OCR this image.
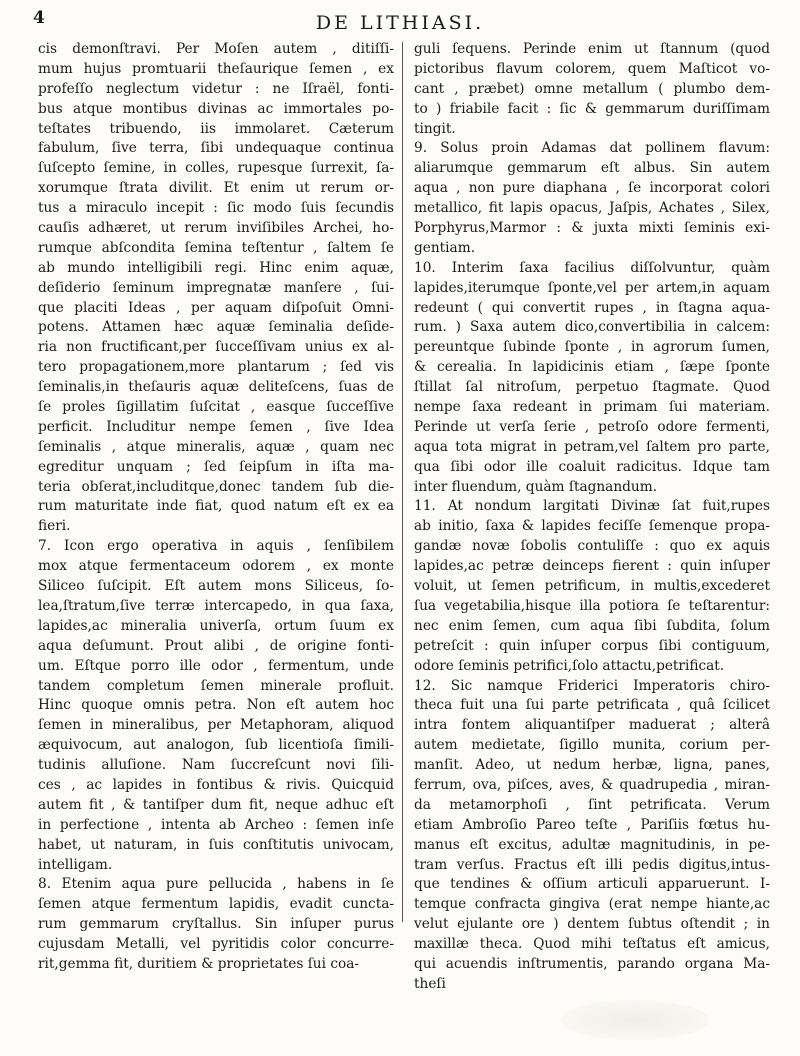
4	DE LITHIASI.
cis demonſtravi. Per Moſen autem , ditiſſi-
mum hujus promtuarii theſaurique ſemen , ex
profeſſo neglectum videtur : ne Iſraël, fonti-
bus atque montibus divinas ac immortales po-
teſtates tribuendo, iis immolaret. Cæterum
fabulum, ſive terra, ſibi undequaque continua
ſuſcepto ſemine, in colles, rupesque ſurrexit, ſa-
xorumque ſtrata divilit. Et enim ut rerum or-
tus a miraculo incepit : ſic modo ſuis ſecundis
cauſis adhæret, ut rerum inviſibiles Archei, ho-
rumque abſcondita ſemina teſtentur , ſaltem ſe
ab mundo intelligibili regi. Hinc enim aquæ,
deſiderio ſeminum impregnatæ manſere , ſui-
que placiti Ideas , per aquam diſpoſuit Omni-
potens. Attamen hæc aquæ ſeminalia deſide-
ria non fructificant,per ſucceſſivam unius ex al-
tero propagationem,more plantarum ; ſed vis
ſeminalis,in theſauris aquæ delitеſcens, ſuas de
ſe proles ſigillatim ſuſcitat , easque ſucceſſive
perficit. Includitur nempe ſemen , ſive Idea
ſeminalis , atque mineralis, aquæ , quam nec
egreditur unquam ; ſed ſeipſum in iſta ma-
teria obſerat,includitque,donec tandem ſub die-
rum maturitate inde fiat, quod natum eſt ex ea
fieri.
7. Icon ergo operativa in aquis , ſenſibilem
mox atque fermentaceum odorem , ex monte
Siliceo ſuſcipit. Eſt autem mons Siliceus, ſo-
lea,ſtratum,ſive terræ intercapedo, in qua ſaxa,
lapides,ac mineralia univerſa, ortum ſuum ex
aqua deſumunt. Prout alibi , de origine fonti-
um. Eſtque porro ille odor , fermentum, unde
tandem completum ſemen minerale profluit.
Hinc quoque omnis petra. Non eſt autem hoc
ſemen in mineralibus, per Metaphoram, aliquod
æquivocum, aut analogon, ſub licentioſa ſimili-
tudinis alluſione. Nam ſuccreſcunt novi ſili-
ces , ac lapides in fontibus & rivis. Quicquid
autem fit , & tantiſper dum fit, neque adhuc eſt
in perfectione , intenta ab Archeo : ſemen inſe
habet, ut naturam, in ſuis conſtitutis univocam,
intelligam.
8. Etenim aqua pure pellucida , habens in ſe
ſemen atque fermentum lapidis, evadit cuncta-
rum gemmarum cryſtallus. Sin inſuper purus
cujusdam Metalli, vel pyritidis color concurre-
rit,gemma fit, duritiem & proprietates ſui coa-
guli ſequens. Perinde enim ut ſtannum (quod
pictoribus flavum colorem, quem Maſticot vo-
cant , præbet) omne metallum ( plumbo dem-
to ) friabile facit : ſic & gemmarum duriſſimam
tingit.
9. Solus proin Adamas dat pollinem flavum:
aliarumque gemmarum eſt albus. Sin autem
aqua , non pure diaphana , ſe incorporat colori
metallico, fit lapis opacus, Jaſpis, Achates , Silex,
Porphyrus,Marmor : & juxta mixti ſeminis exi-
gentiam.
10. Interim ſaxa facilius diſſolvuntur, quàm
lapides,iterumque ſponte,vel per artem,in aquam
redeunt ( qui convertit rupes , in ſtagna aqua-
rum. ) Saxa autem dico,convertibilia in calcem:
pereuntque ſubinde ſponte , in agrorum ſumen,
& cerealia. In lapidicinis etiam , ſæpe ſponte
ſtillat ſal nitroſum, perpetuo ſtagmate. Quod
nempe ſaxa redeant in primam ſui materiam.
Perinde ut verſa ſerie , petroſo odore fermenti,
aqua tota migrat in petram,vel ſaltem pro parte,
qua ſibi odor ille coaluit radicitus. Idque tam
inter fluendum, quàm ſtagnandum.
11. At nondum largitati Divinæ ſat fuit,rupes
ab initio, ſaxa & lapides feciſſe ſemenque propa-
gandæ novæ ſobolis contuliſſe : quo ex aquis
lapides,ac petræ deinceps fierent : quin inſuper
voluit, ut ſemen petrificum, in multis,excederet
ſua vegetabilia,hisque illa potiora ſe teſtarentur:
nec enim ſemen, cum aqua ſibi ſubdita, ſolum
petreſcit : quin inſuper corpus ſibi contiguum,
odore ſeminis petrifici,ſolo attactu,petrificat.
12. Sic namque Friderici Imperatoris chiro-
theca fuit una ſui parte petrificata , quâ ſcilicet
intra fontem aliquantiſper maduerat ; alterâ
autem medietate, ſigillo munita, corium per-
manſit. Adeo, ut nedum herbæ, ligna, panes,
ferrum, ova, piſces, aves, & quadrupedia , miran-
da metamorphoſi , ſint petrificata. Verum
etiam Ambroſio Pareo teſte , Pariſiis fœtus hu-
manus eſt excitus, adultæ magnitudinis, in pe-
tram verſus. Fractus eſt illi pedis digitus,intus-
que tendines & oſſium articuli apparuerunt. I-
temque confracta gingiva (erat nempe hiante,ac
velut ejulante ore ) dentem ſubtus oſtendit ; in
maxillæ theca. Quod mihi teſtatus eſt amicus,
qui acuendis inſtrumentis, parando organa Ma-
theſi
